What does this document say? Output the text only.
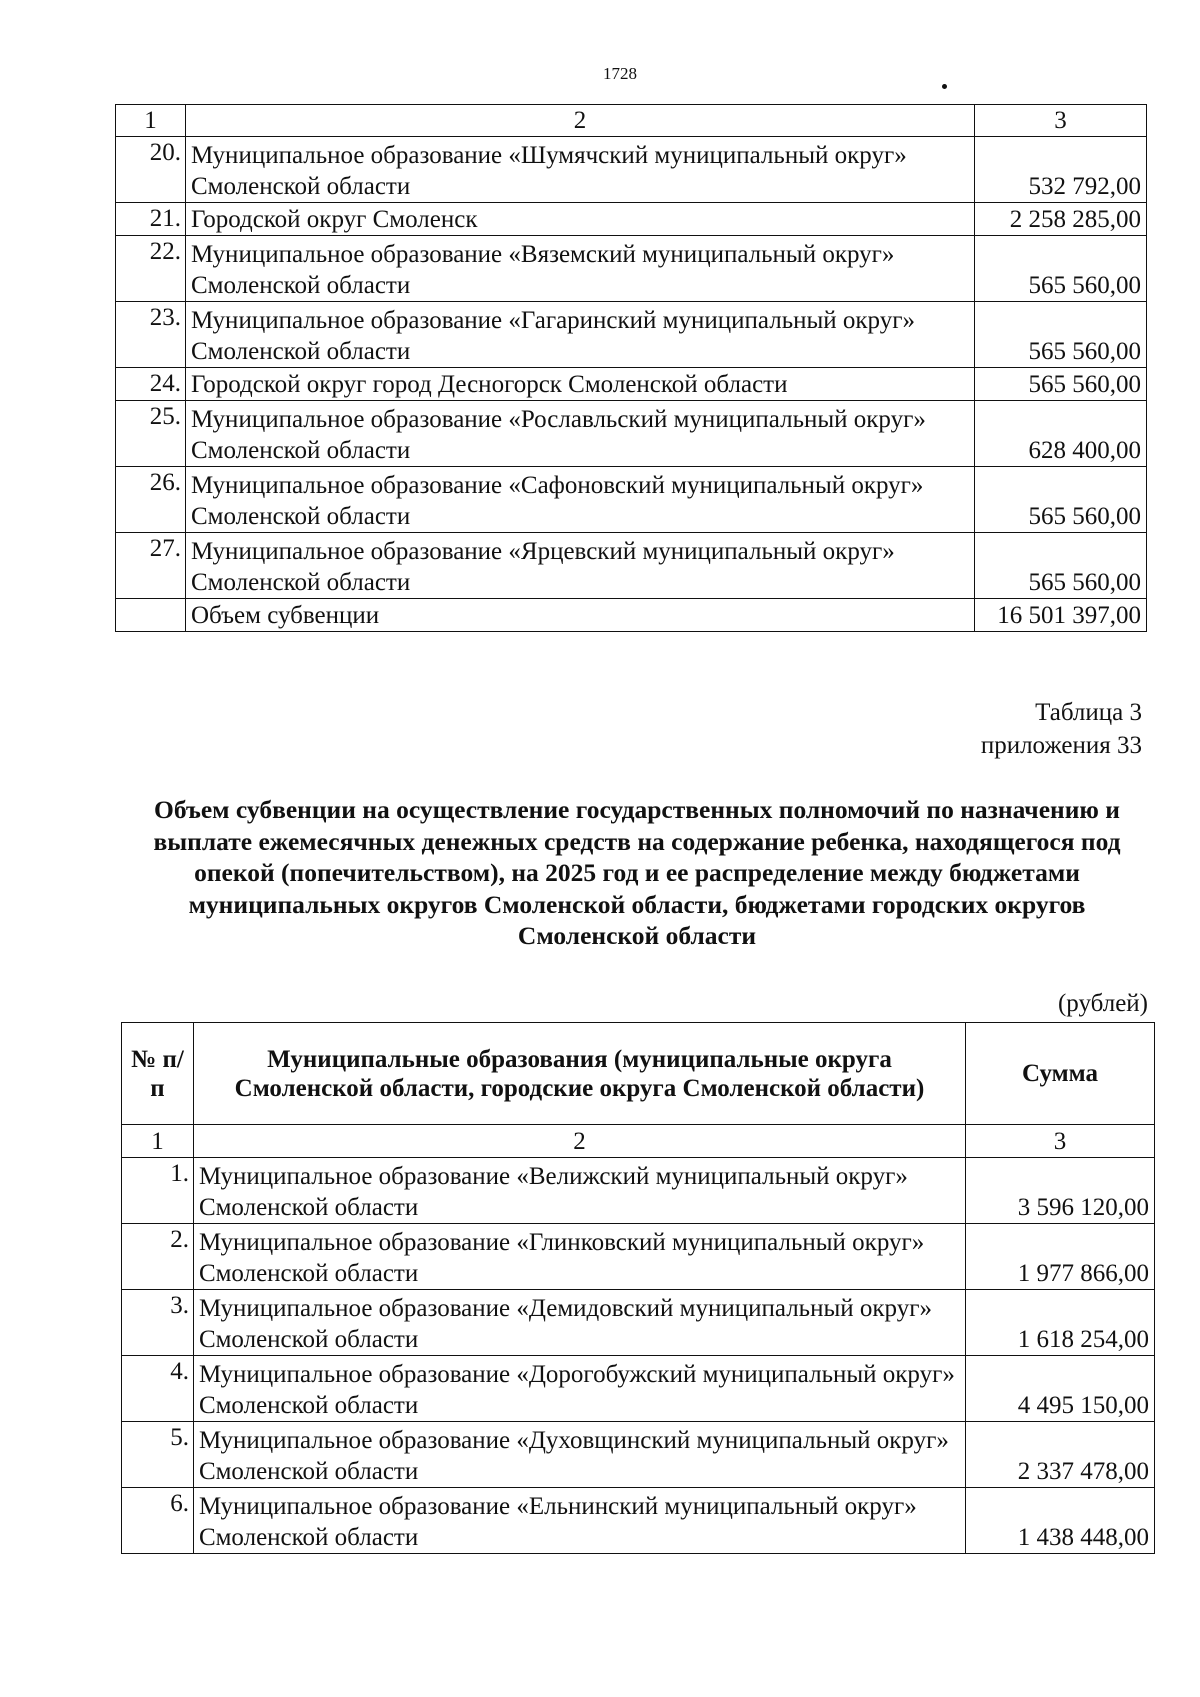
1728
1	2	3
20.	Муниципальное образование «Шумячский муниципальный округ» Смоленской области	532 792,00
21.	Городской округ Смоленск	2 258 285,00
22.	Муниципальное образование «Вяземский муниципальный округ» Смоленской области	565 560,00
23.	Муниципальное образование «Гагаринский муниципальный округ» Смоленской области	565 560,00
24.	Городской округ город Десногорск Смоленской области	565 560,00
25.	Муниципальное образование «Рославльский муниципальный округ» Смоленской области	628 400,00
26.	Муниципальное образование «Сафоновский муниципальный округ» Смоленской области	565 560,00
27.	Муниципальное образование «Ярцевский муниципальный округ» Смоленской области	565 560,00
	Объем субвенции	16 501 397,00
Таблица 3
приложения 33
Объем субвенции на осуществление государственных полномочий по назначению и выплате ежемесячных денежных средств на содержание ребенка, находящегося под опекой (попечительством), на 2025 год и ее распределение между бюджетами муниципальных округов Смоленской области, бюджетами городских округов Смоленской области
(рублей)
№ п/п	Муниципальные образования (муниципальные округа Смоленской области, городские округа Смоленской области)	Сумма
1	2	3
1.	Муниципальное образование «Велижский муниципальный округ» Смоленской области	3 596 120,00
2.	Муниципальное образование «Глинковский муниципальный округ» Смоленской области	1 977 866,00
3.	Муниципальное образование «Демидовский муниципальный округ» Смоленской области	1 618 254,00
4.	Муниципальное образование «Дорогобужский муниципальный округ» Смоленской области	4 495 150,00
5.	Муниципальное образование «Духовщинский муниципальный округ» Смоленской области	2 337 478,00
6.	Муниципальное образование «Ельнинский муниципальный округ» Смоленской области	1 438 448,00
